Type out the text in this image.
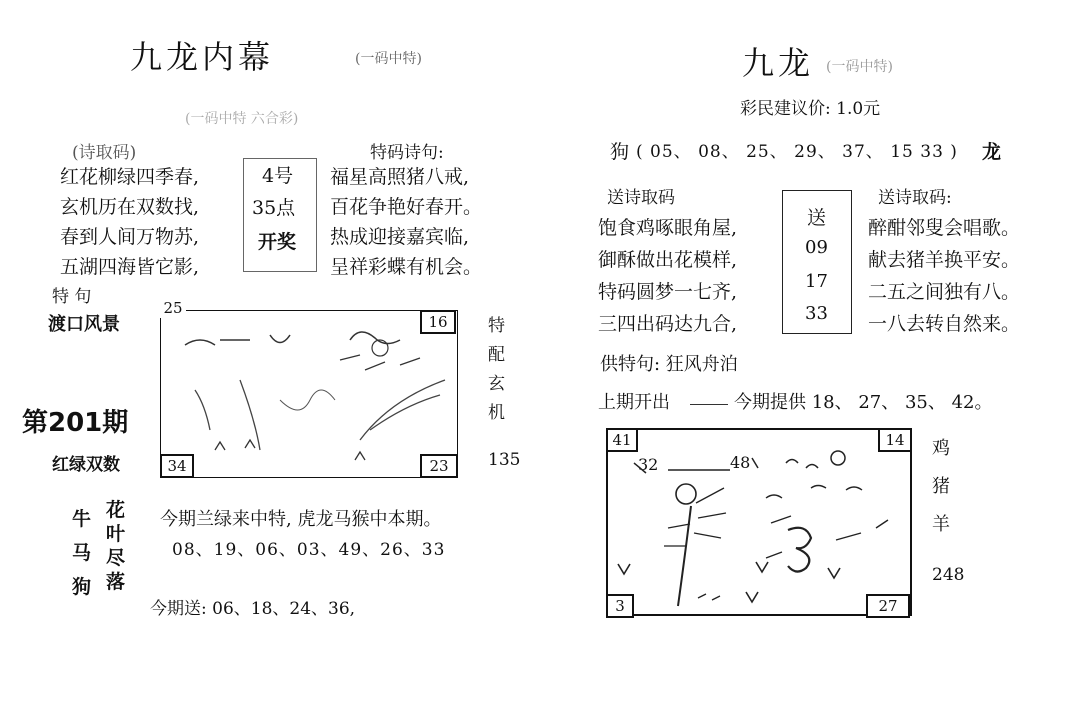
九龙内幕	(一码中特)
(一码中特 六合彩)
(诗取码)	特码诗句:
红花柳绿四季春,
玄机历在双数找,
春到人间万物苏,
五湖四海皆它影,
4号
35点
开奖
福星高照猪八戒,
百花争艳好春开。
热成迎接嘉宾临,
呈祥彩蝶有机会。
特 句
渡口风景
第201期
红绿双数
25
16
34	23
特
配
玄
机
135
牛
马
狗
花
叶
尽
落
今期兰绿来中特, 虎龙马猴中本期。
08、19、06、03、49、26、33
今期送: 06、18、24、36,
九龙 (一码中特)
彩民建议价: 1.0元
狗 ( 05、 08、 25、 29、 37、 15 33 ) 龙
送诗取码	送诗取码:
饱食鸡啄眼角屋,
御酥做出花模样,
特码圆梦一七齐,
三四出码达九合,
送
09
17
33
醉酣邻叟会唱歌。
献去猪羊换平安。
二五之间独有八。
一八去转自然来。
供特句: 狂风舟泊
上期开出	今期提供 18、 27、 35、 42。
41	14
3	27
32	48
鸡
猪
羊
248
